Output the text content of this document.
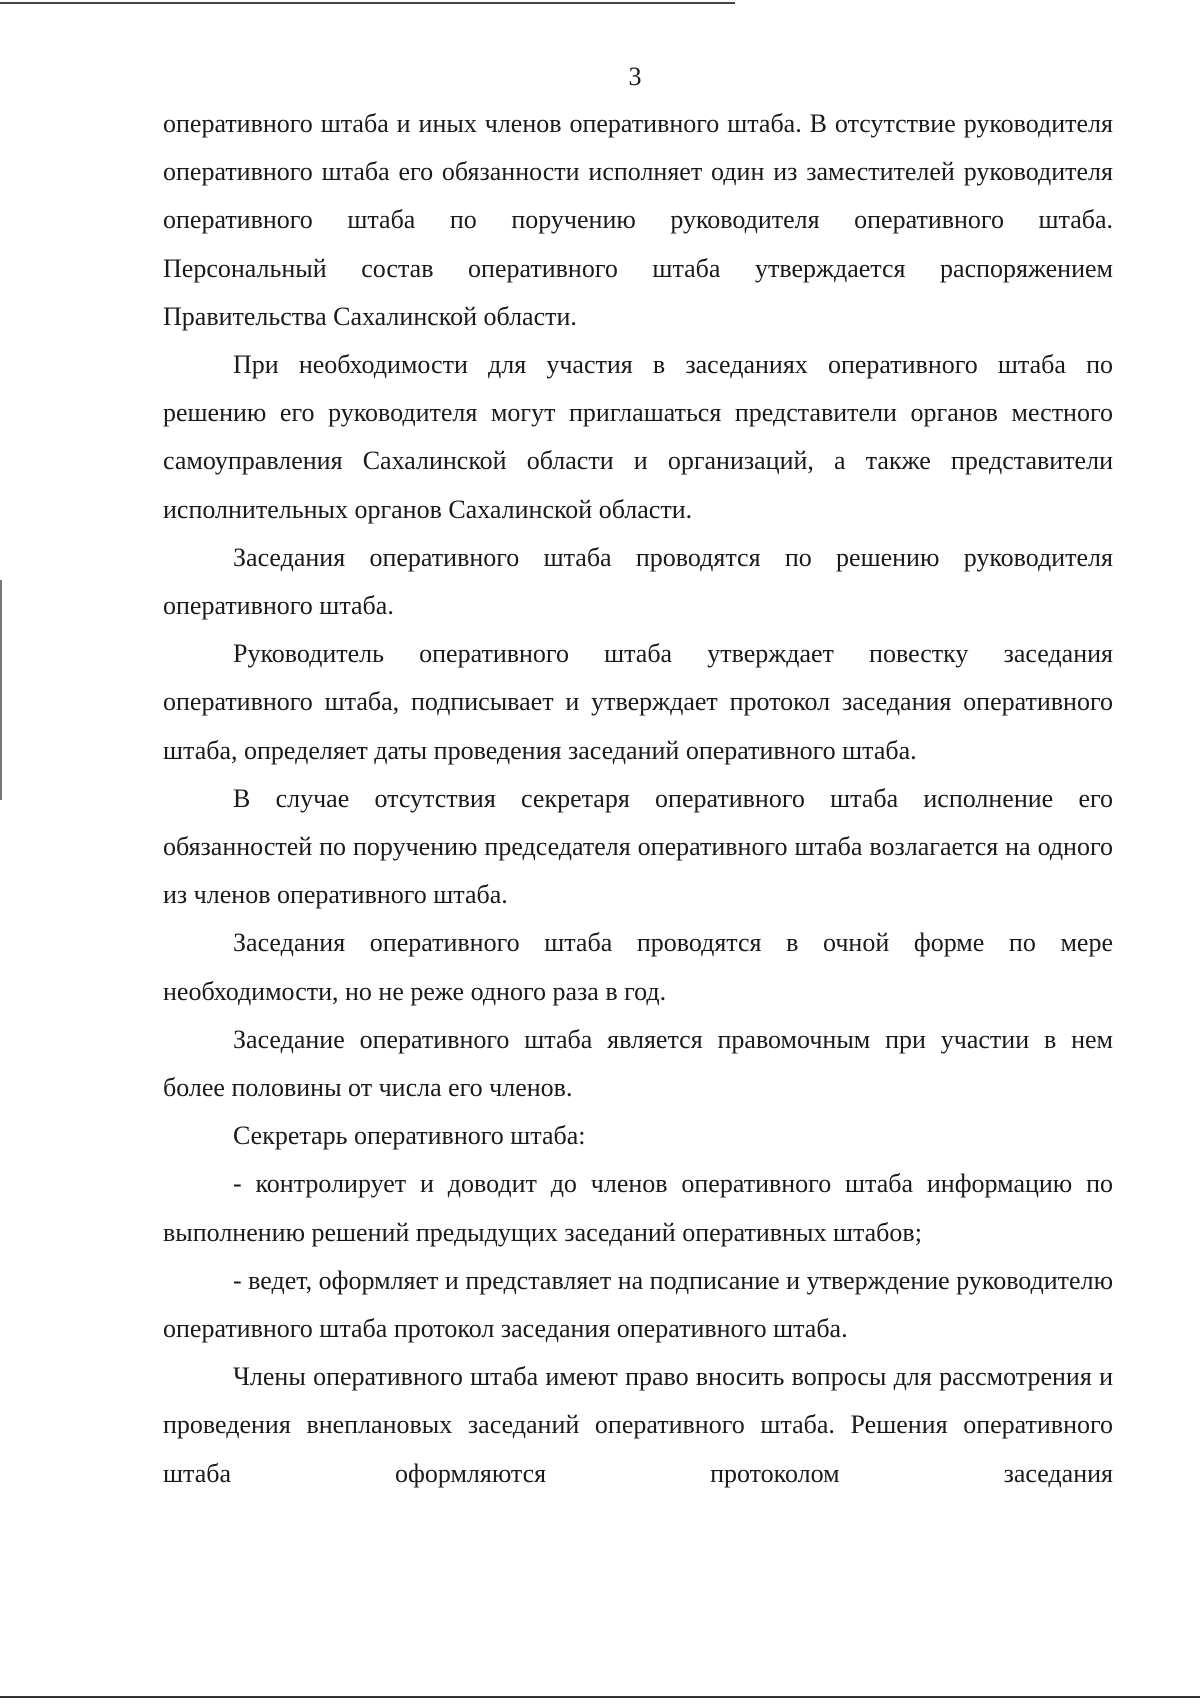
3

оперативного штаба и иных членов оперативного штаба. В отсутствие руководителя оперативного штаба его обязанности исполняет один из заместителей руководителя оперативного штаба по поручению руководителя оперативного штаба. Персональный состав оперативного штаба утверждается распоряжением Правительства Сахалинской области.

При необходимости для участия в заседаниях оперативного штаба по решению его руководителя могут приглашаться представители органов местного самоуправления Сахалинской области и организаций, а также представители исполнительных органов Сахалинской области.

Заседания оперативного штаба проводятся по решению руководителя оперативного штаба.

Руководитель оперативного штаба утверждает повестку заседания оперативного штаба, подписывает и утверждает протокол заседания оперативного штаба, определяет даты проведения заседаний оперативного штаба.

В случае отсутствия секретаря оперативного штаба исполнение его обязанностей по поручению председателя оперативного штаба возлагается на одного из членов оперативного штаба.

Заседания оперативного штаба проводятся в очной форме по мере необходимости, но не реже одного раза в год.

Заседание оперативного штаба является правомочным при участии в нем более половины от числа его членов.

Секретарь оперативного штаба:

- контролирует и доводит до членов оперативного штаба информацию по выполнению решений предыдущих заседаний оперативных штабов;

- ведет, оформляет и представляет на подписание и утверждение руководителю оперативного штаба протокол заседания оперативного штаба.

Члены оперативного штаба имеют право вносить вопросы для рассмотрения и проведения внеплановых заседаний оперативного штаба. Решения оперативного штаба оформляются протоколом заседания
